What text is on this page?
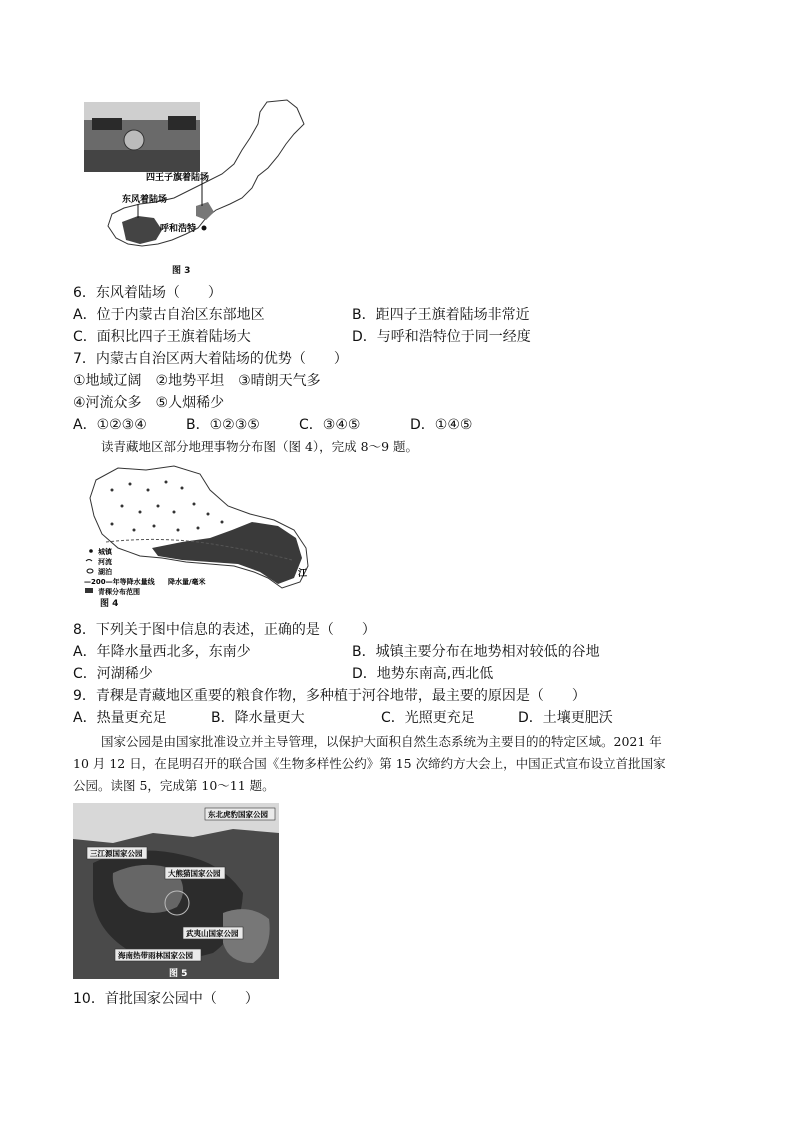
四王子旗着陆场
东风着陆场
呼和浩特
图 3
6．东风着陆场（　　）
A．位于内蒙古自治区东部地区	B．距四子王旗着陆场非常近
C．面积比四子王旗着陆场大	D．与呼和浩特位于同一经度
7．内蒙古自治区两大着陆场的优势（　　）
①地域辽阔　②地势平坦　③晴朗天气多
④河流众多　⑤人烟稀少
A．①②③④	B．①②③⑤	C．③④⑤	D．①④⑤
读青藏地区部分地理事物分布图（图 4），完成 8～9 题。
江
城镇
河流
湖泊
—200—年等降水量线 降水量/毫米
青稞分布范围
图 4
8．下列关于图中信息的表述，正确的是（　　）
A．年降水量西北多，东南少	B．城镇主要分布在地势相对较低的谷地
C．河湖稀少	D．地势东南高,西北低
9．青稞是青藏地区重要的粮食作物，多种植于河谷地带，最主要的原因是（　　）
A．热量更充足	B．降水量更大	C．光照更充足	D．土壤更肥沃
国家公园是由国家批准设立并主导管理，以保护大面积自然生态系统为主要目的的特定区域。2021 年
10 月 12 日，在昆明召开的联合国《生物多样性公约》第 15 次缔约方大会上，中国正式宣布设立首批国家
公园。读图 5，完成第 10～11 题。
东北虎豹国家公园
三江源国家公园
大熊猫国家公园
武夷山国家公园
海南热带雨林国家公园
图 5
10．首批国家公园中（　　）
